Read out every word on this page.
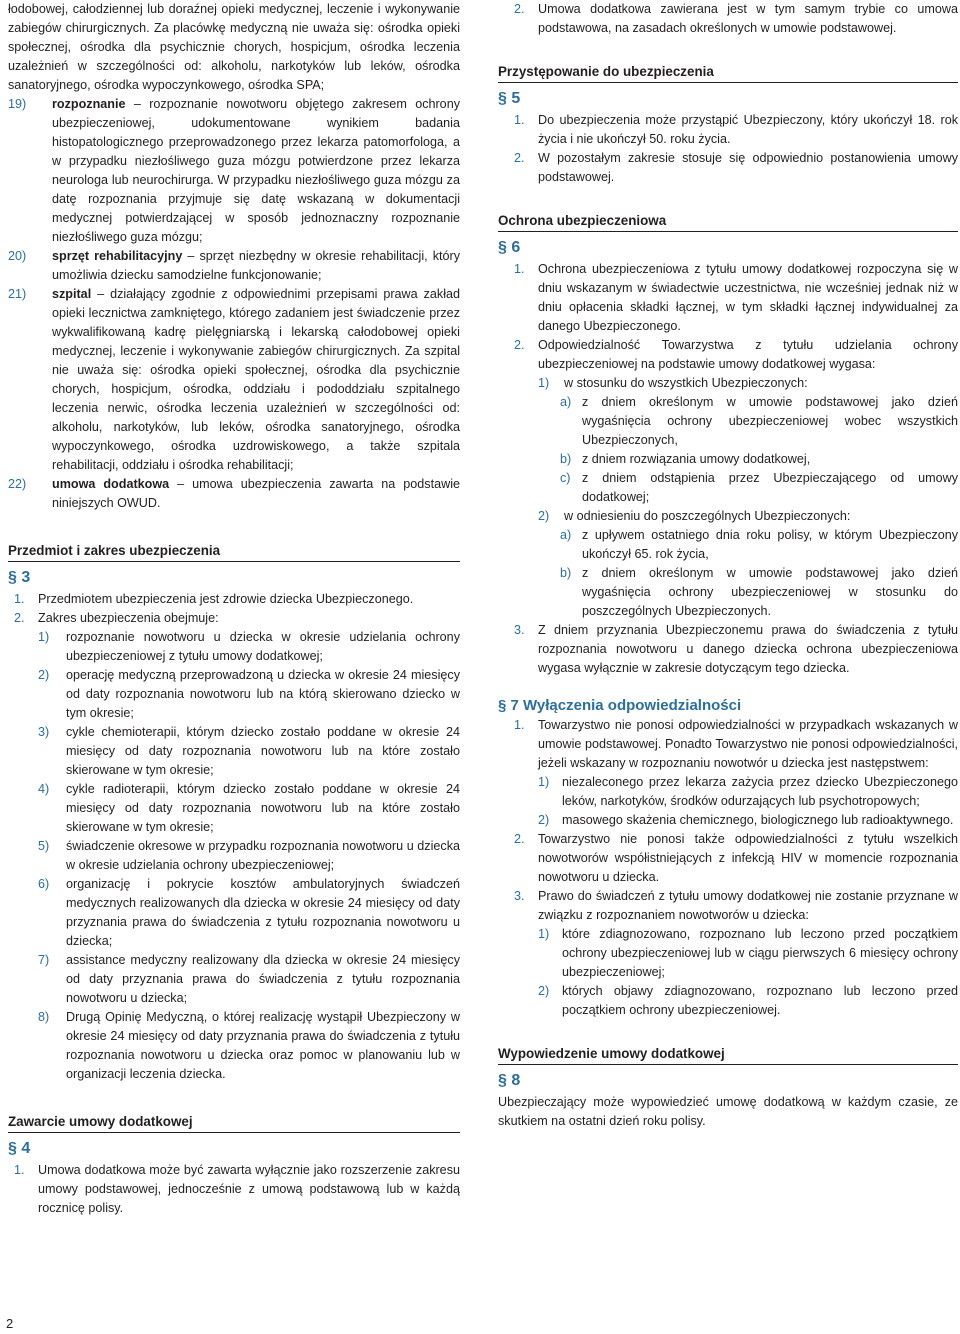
łodobowej, całodziennej lub doraźnej opieki medycznej, leczenie i wykonywanie zabiegów chirurgicznych. Za placówkę medyczną nie uważa się: ośrodka opieki społecznej, ośrodka dla psychicznie chorych, hospicjum, ośrodka leczenia uzależnień w szczególności od: alkoholu, narkotyków lub leków, ośrodka sanatoryjnego, ośrodka wypoczynkowego, ośrodka SPA;

19)	rozpoznanie – rozpoznanie nowotworu objętego zakresem ochrony ubezpieczeniowej, udokumentowane wynikiem badania histopatologicznego przeprowadzonego przez lekarza patomorfologa, a w przypadku niezłośliwego guza mózgu potwierdzone przez lekarza neurologa lub neurochirurga. W przypadku niezłośliwego guza mózgu za datę rozpoznania przyjmuje się datę wskazaną w dokumentacji medycznej potwierdzającej w sposób jednoznaczny rozpoznanie niezłośliwego guza mózgu;
20)	sprzęt rehabilitacyjny – sprzęt niezbędny w okresie rehabilitacji, który umożliwia dziecku samodzielne funkcjonowanie;
21)	szpital – działający zgodnie z odpowiednimi przepisami prawa zakład opieki lecznictwa zamkniętego, którego zadaniem jest świadczenie przez wykwalifikowaną kadrę pielęgniarską i lekarską całodobowej opieki medycznej, leczenie i wykonywanie zabiegów chirurgicznych. Za szpital nie uważa się: ośrodka opieki społecznej, ośrodka dla psychicznie chorych, hospicjum, ośrodka, oddziału i pododdziału szpitalnego leczenia nerwic, ośrodka leczenia uzależnień w szczególności od: alkoholu, narkotyków, lub leków, ośrodka sanatoryjnego, ośrodka wypoczynkowego, ośrodka uzdrowiskowego, a także szpitala rehabilitacji, oddziału i ośrodka rehabilitacji;
22)	umowa dodatkowa – umowa ubezpieczenia zawarta na podstawie niniejszych OWUD.
Przedmiot i zakres ubezpieczenia
§ 3
1.	Przedmiotem ubezpieczenia jest zdrowie dziecka Ubezpieczonego.
2.	Zakres ubezpieczenia obejmuje:
1)	rozpoznanie nowotworu u dziecka w okresie udzielania ochrony ubezpieczeniowej z tytułu umowy dodatkowej;
2)	operację medyczną przeprowadzoną u dziecka w okresie 24 miesięcy od daty rozpoznania nowotworu lub na którą skierowano dziecko w tym okresie;
3)	cykle chemioterapii, którym dziecko zostało poddane w okresie 24 miesięcy od daty rozpoznania nowotworu lub na które zostało skierowane w tym okresie;
4)	cykle radioterapii, którym dziecko zostało poddane w okresie 24 miesięcy od daty rozpoznania nowotworu lub na które zostało skierowane w tym okresie;
5)	świadczenie okresowe w przypadku rozpoznania nowotworu u dziecka w okresie udzielania ochrony ubezpieczeniowej;
6)	organizację i pokrycie kosztów ambulatoryjnych świadczeń medycznych realizowanych dla dziecka w okresie 24 miesięcy od daty przyznania prawa do świadczenia z tytułu rozpoznania nowotworu u dziecka;
7)	assistance medyczny realizowany dla dziecka w okresie 24 miesięcy od daty przyznania prawa do świadczenia z tytułu rozpoznania nowotworu u dziecka;
8)	Drugą Opinię Medyczną, o której realizację wystąpił Ubezpieczony w okresie 24 miesięcy od daty przyznania prawa do świadczenia z tytułu rozpoznania nowotworu u dziecka oraz pomoc w planowaniu lub w organizacji leczenia dziecka.
Zawarcie umowy dodatkowej
§ 4
1.	Umowa dodatkowa może być zawarta wyłącznie jako rozszerzenie zakresu umowy podstawowej, jednocześnie z umową podstawową lub w każdą rocznicę polisy.
2.	Umowa dodatkowa zawierana jest w tym samym trybie co umowa podstawowa, na zasadach określonych w umowie podstawowej.
Przystępowanie do ubezpieczenia
§ 5
1.	Do ubezpieczenia może przystąpić Ubezpieczony, który ukończył 18. rok życia i nie ukończył 50. roku życia.
2.	W pozostałym zakresie stosuje się odpowiednio postanowienia umowy podstawowej.
Ochrona ubezpieczeniowa
§ 6
1.	Ochrona ubezpieczeniowa z tytułu umowy dodatkowej rozpoczyna się w dniu wskazanym w świadectwie uczestnictwa, nie wcześniej jednak niż w dniu opłacenia składki łącznej, w tym składki łącznej indywidualnej za danego Ubezpieczonego.
2.	Odpowiedzialność Towarzystwa z tytułu udzielania ochrony ubezpieczeniowej na podstawie umowy dodatkowej wygasa:
1)	w stosunku do wszystkich Ubezpieczonych:
a) z dniem określonym w umowie podstawowej jako dzień wygaśnięcia ochrony ubezpieczeniowej wobec wszystkich Ubezpieczonych,
b) z dniem rozwiązania umowy dodatkowej,
c) z dniem odstąpienia przez Ubezpieczającego od umowy dodatkowej;
2)	w odniesieniu do poszczególnych Ubezpieczonych:
a) z upływem ostatniego dnia roku polisy, w którym Ubezpieczony ukończył 65. rok życia,
b) z dniem określonym w umowie podstawowej jako dzień wygaśnięcia ochrony ubezpieczeniowej w stosunku do poszczególnych Ubezpieczonych.
3.	Z dniem przyznania Ubezpieczonemu prawa do świadczenia z tytułu rozpoznania nowotworu u danego dziecka ochrona ubezpieczeniowa wygasa wyłącznie w zakresie dotyczącym tego dziecka.
§ 7 Wyłączenia odpowiedzialności
1.	Towarzystwo nie ponosi odpowiedzialności w przypadkach wskazanych w umowie podstawowej. Ponadto Towarzystwo nie ponosi odpowiedzialności, jeżeli wskazany w rozpoznaniu nowotwór u dziecka jest następstwem:
1)	niezaleconego przez lekarza zażycia przez dziecko Ubezpieczonego leków, narkotyków, środków odurzających lub psychotropowych;
2)	masowego skażenia chemicznego, biologicznego lub radioaktywnego.
2.	Towarzystwo nie ponosi także odpowiedzialności z tytułu wszelkich nowotworów współistniejących z infekcją HIV w momencie rozpoznania nowotworu u dziecka.
3.	Prawo do świadczeń z tytułu umowy dodatkowej nie zostanie przyznane w związku z rozpoznaniem nowotworów u dziecka:
1)	które zdiagnozowano, rozpoznano lub leczono przed początkiem ochrony ubezpieczeniowej lub w ciągu pierwszych 6 miesięcy ochrony ubezpieczeniowej;
2)	których objawy zdiagnozowano, rozpoznano lub leczono przed początkiem ochrony ubezpieczeniowej.
Wypowiedzenie umowy dodatkowej
§ 8

Ubezpieczający może wypowiedzieć umowę dodatkową w każdym czasie, ze skutkiem na ostatni dzień roku polisy.

2
